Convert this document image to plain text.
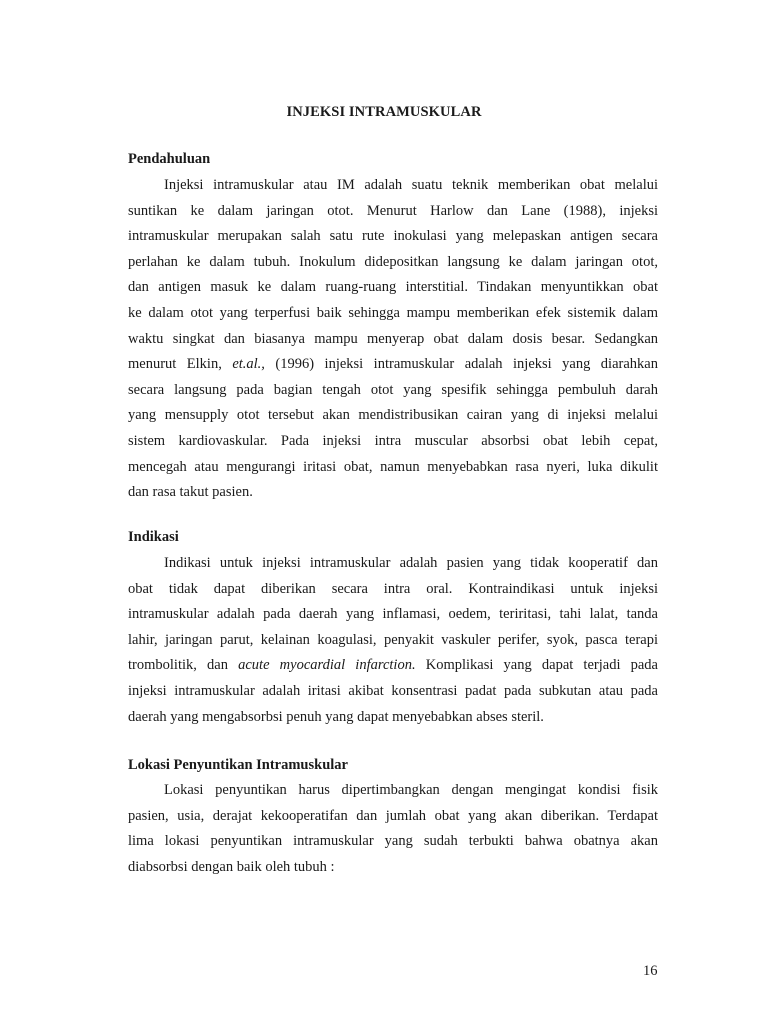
INJEKSI INTRAMUSKULAR
Pendahuluan
Injeksi intramuskular atau IM adalah suatu teknik memberikan obat melalui
suntikan ke dalam jaringan otot. Menurut Harlow dan Lane (1988), injeksi
intramuskular merupakan salah satu rute inokulasi yang melepaskan antigen secara
perlahan ke dalam tubuh. Inokulum didepositkan langsung ke dalam jaringan otot,
dan antigen masuk ke dalam ruang-ruang interstitial. Tindakan menyuntikkan obat
ke dalam otot yang terperfusi baik sehingga mampu memberikan efek sistemik dalam
waktu singkat dan biasanya mampu menyerap obat dalam dosis besar. Sedangkan
menurut Elkin, et.al., (1996) injeksi intramuskular adalah injeksi yang diarahkan
secara langsung pada bagian tengah otot yang spesifik sehingga pembuluh darah
yang mensupply otot tersebut akan mendistribusikan cairan yang di injeksi melalui
sistem kardiovaskular. Pada injeksi intra muscular absorbsi obat lebih cepat,
mencegah atau mengurangi iritasi obat, namun menyebabkan rasa nyeri, luka dikulit
dan rasa takut pasien.
Indikasi
Indikasi untuk injeksi intramuskular adalah pasien yang tidak kooperatif dan
obat tidak dapat diberikan secara intra oral. Kontraindikasi untuk injeksi
intramuskular adalah pada daerah yang inflamasi, oedem, teriritasi, tahi lalat, tanda
lahir, jaringan parut, kelainan koagulasi, penyakit vaskuler perifer, syok, pasca terapi
trombolitik, dan acute myocardial infarction. Komplikasi yang dapat terjadi pada
injeksi intramuskular adalah iritasi akibat konsentrasi padat pada subkutan atau pada
daerah yang mengabsorbsi penuh yang dapat menyebabkan abses steril.
Lokasi Penyuntikan Intramuskular
Lokasi penyuntikan harus dipertimbangkan dengan mengingat kondisi fisik
pasien, usia, derajat kekooperatifan dan jumlah obat yang akan diberikan. Terdapat
lima lokasi penyuntikan intramuskular yang sudah terbukti bahwa obatnya akan
diabsorbsi dengan baik oleh tubuh :
16
